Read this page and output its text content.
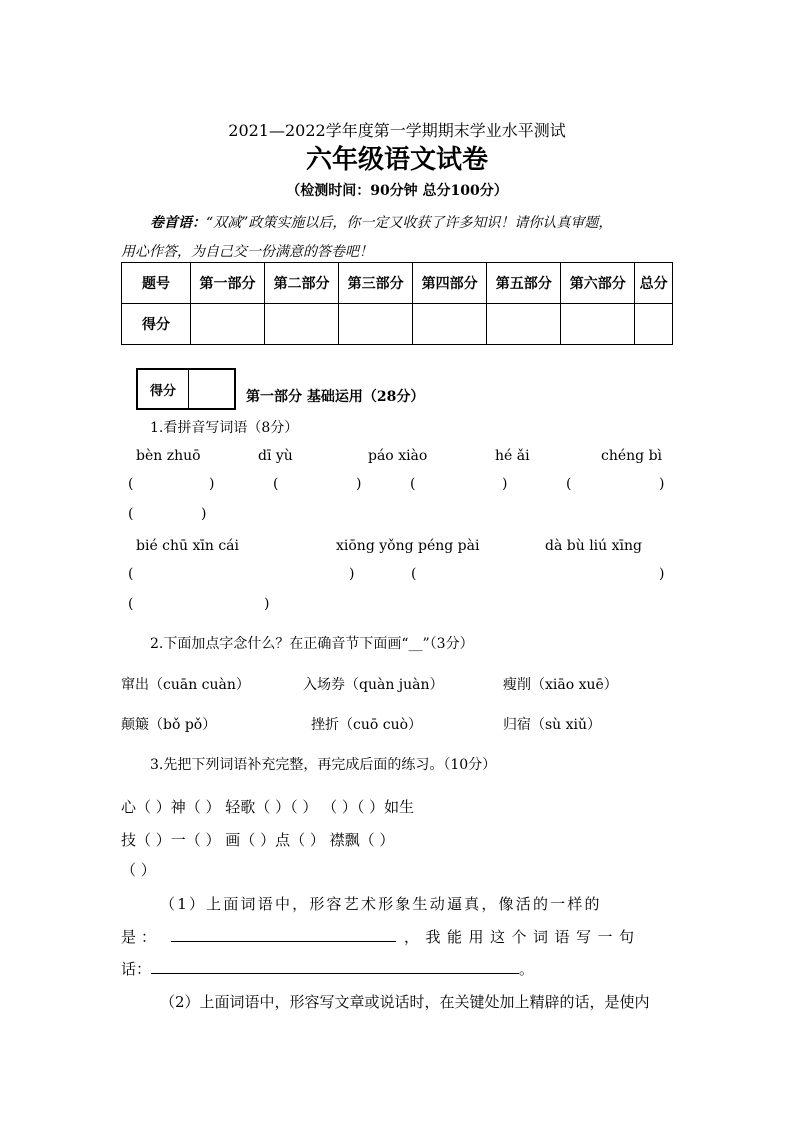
2021—2022学年度第一学期期末学业水平测试
六年级语文试卷
（检测时间：90分钟 总分100分）
卷首语：“双减”政策实施以后，你一定又收获了许多知识！请你认真审题，
用心作答，为自己交一份满意的答卷吧！
题号	第一部分	第二部分	第三部分	第四部分	第五部分	第六部分	总分
得分							
得分	第一部分 基础运用（28分）
1.看拼音写词语（8分）
bèn zhuō	dī yù	páo xiào	hé ǎi	chéng bì
(	)	(	)	(	)	(	)
(	)
bié chū xīn cái	xiōng yǒng péng pài	dà bù liú xīng
(	)	(	)
(	)
2.下面加点字念什么？在正确音节下面画“__”（3分）
窜出（cuān cuàn）	入场券（quàn juàn）	瘦削（xiāo xuē）
颠簸（bǒ pǒ）	挫折（cuō cuò）	归宿（sù xiǔ）
3.先把下列词语补充完整，再完成后面的练习。（10分）
心（ ）神（ ） 轻歌（ ）（ ） （ ）（ ）如生
技（ ）一（ ） 画（ ）点（ ） 襟飘（ ）
（ ）
（1）上面词语中，形容艺术形象生动逼真，像活的一样的
是：	，我能用这个词语写一句
话：	。
（2）上面词语中，形容写文章或说话时，在关键处加上精辟的话，是使内
